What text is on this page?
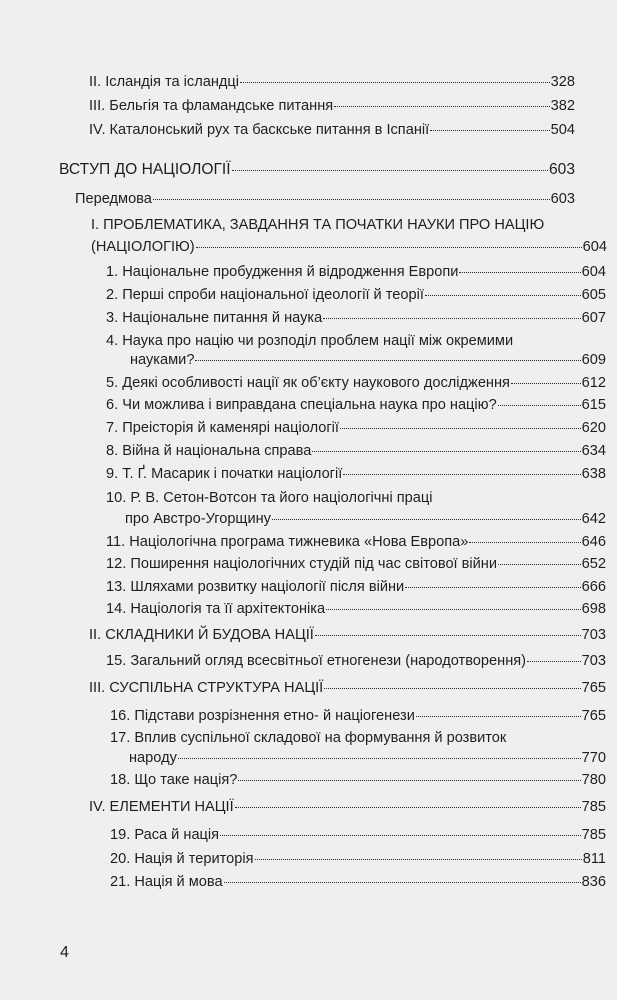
II. Ісландія та ісландці	328
III. Бельгія та фламандське питання	382
IV. Каталонський рух та баскське питання в Іспанії	504
ВСТУП ДО НАЦІОЛОГІЇ	603
Передмова	603
I. ПРОБЛЕМАТИКА, ЗАВДАННЯ ТА ПОЧАТКИ НАУКИ ПРО НАЦІЮ
(НАЦІОЛОГІЮ)	604
1. Національне пробудження й відродження Европи	604
2. Перші спроби національної ідеології й теорії	605
3. Національне питання й наука	607
4. Наука про націю чи розподіл проблем нації між окремими
науками?	609
5. Деякі особливості нації як об’єкту наукового дослідження	612
6. Чи можлива і виправдана спеціальна наука про націю?	615
7. Преісторія й каменярі націології	620
8. Війна й національна справа	634
9. Т. Ґ. Масарик і початки націології	638
10. Р. В. Сетон-Вотсон та його націологічні праці
про Австро-Угорщину	642
11. Націологічна програма тижневика «Нова Европа»	646
12. Поширення націологічних студій під час світової війни	652
13. Шляхами розвитку націології після війни	666
14. Націологія та її архітектоніка	698
II. СКЛАДНИКИ Й БУДОВА НАЦІЇ	703
15. Загальний огляд всесвітньої етногенези (народотворення)	703
III. СУСПІЛЬНА СТРУКТУРА НАЦІЇ	765
16. Підстави розрізнення етно- й націогенези	765
17. Вплив суспільної складової на формування й розвиток
народу	770
18. Що таке нація?	780
IV. ЕЛЕМЕНТИ НАЦІЇ	785
19. Раса й нація	785
20. Нація й територія	811
21. Нація й мова	836
4
